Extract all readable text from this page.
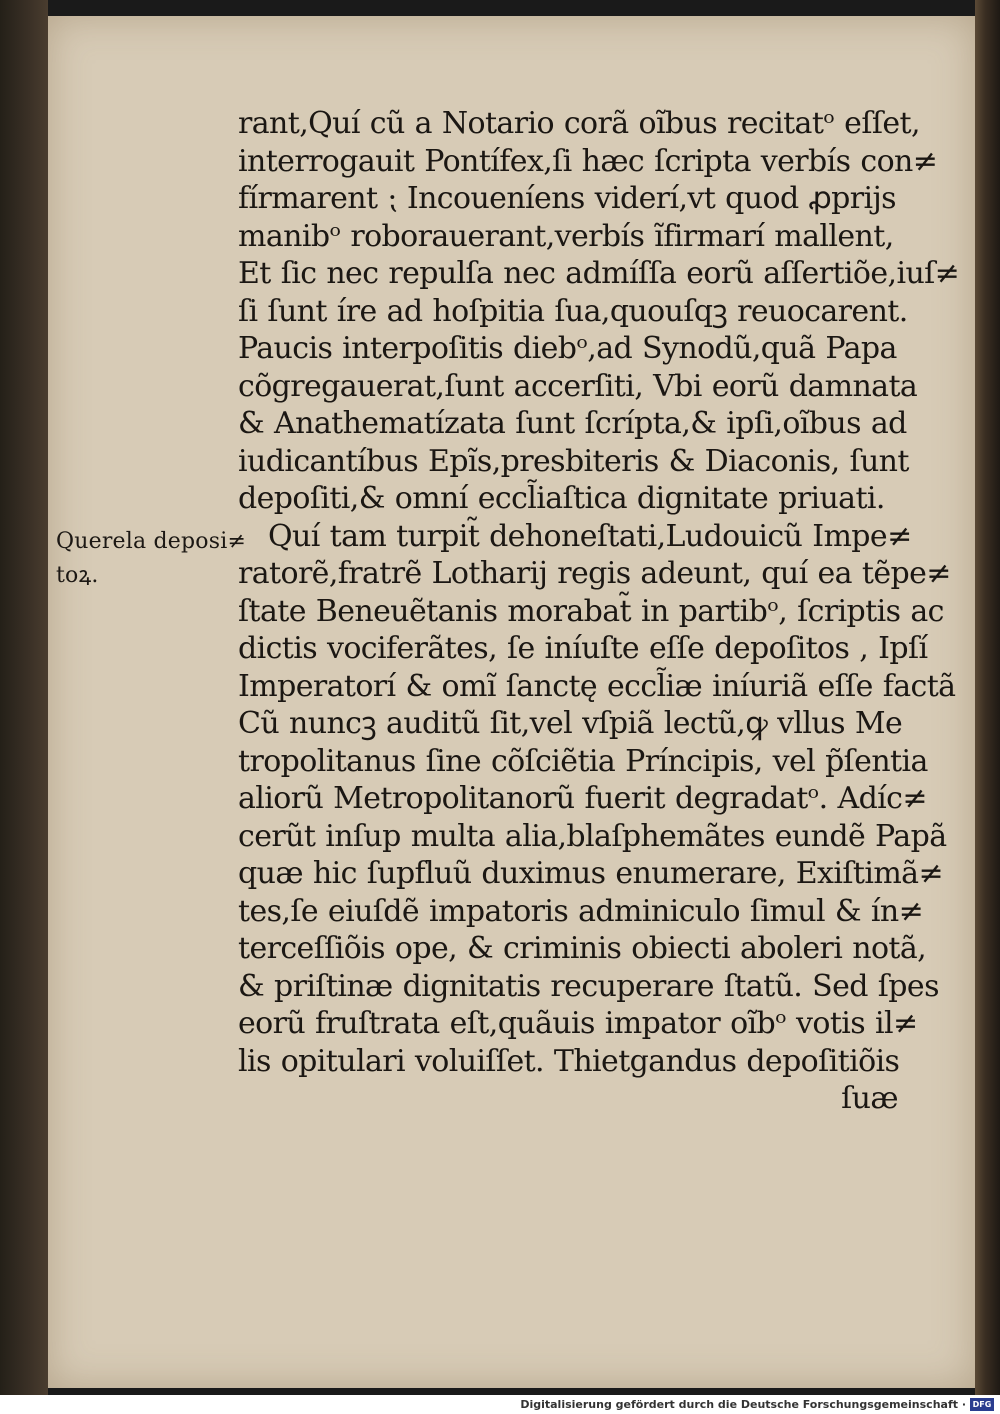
Querela deposi≠
toꝝ.
rant,Quí cũ a Notario corã oĩbus recitatᵒ eſſet,
interrogauit Pontífex,ſi hæc ſcripta verbís con≠
fírmarent ⁏ Incoueníens viderí,vt quod ꝓprijs
manibᵒ roborauerant,verbís ĩfirmarí mallent,
Et ſic nec repulſa nec admíſſa eorũ aſſertiõe,iuſ≠
ſi ſunt íre ad hoſpitia ſua,quouſqꝫ reuocarent.
Paucis interpoſitis diebᵒ,ad Synodũ,quã Papa
cõgregauerat,ſunt accerſiti, Vbi eorũ damnata
& Anathematízata ſunt ſcrípta,& ipſi,oĩbus ad
iudicantíbus Epĩs,presbiteris & Diaconis, ſunt
depoſiti,& omní eccl̃iaſtica dignitate priuati.
Quí tam turpit̃ dehoneſtati,Ludouicũ Impe≠
ratorẽ,fratrẽ Lotharij regis adeunt, quí ea tẽpe≠
ſtate Beneuẽtanis morabat̃ in partibᵒ, ſcriptis ac
dictis vociferãtes, ſe iníuſte eſſe depoſitos , Ipſí
Imperatorí & omĩ ſanctę eccl̃iæ iníuriã eſſe factã
Cũ nuncꝫ auditũ ſit,vel vſpiã lectũ,ꝙ vllus Me
tropolitanus ſine cõſciẽtia Príncipis, vel p̃ſentia
aliorũ Metropolitanorũ fuerit degradatᵒ. Adíc≠
cerũt inſup multa alia,blaſphemãtes eundẽ Papã
quæ hic ſupfluũ duximus enumerare, Exiſtimã≠
tes,ſe eiuſdẽ impatoris adminiculo ſimul & ín≠
terceſſiõis ope, & criminis obiecti aboleri notã,
& priſtinæ dignitatis recuperare ſtatũ. Sed ſpes
eorũ fruſtrata eſt,quãuis impator oĩbᵒ votis il≠
lis opitulari voluiſſet. Thietgandus depoſitiõis
ſuæ
Digitalisierung gefördert durch die Deutsche Forschungsgemeinschaft · DFG
